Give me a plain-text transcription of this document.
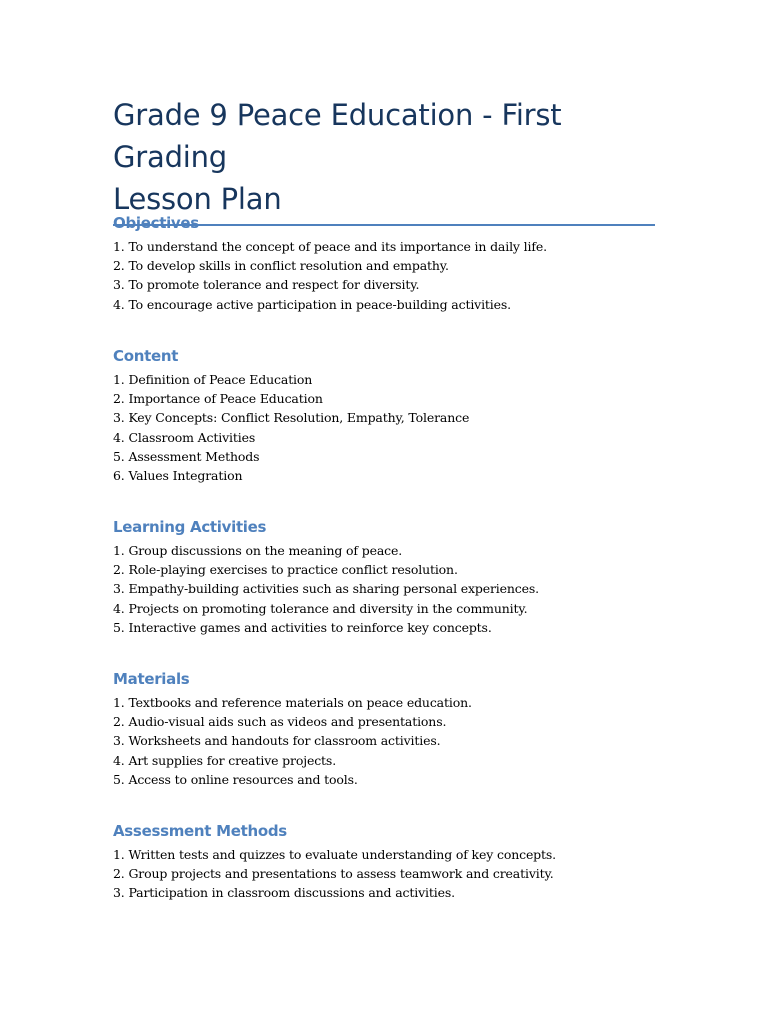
Grade 9 Peace Education - First Grading
Lesson Plan
Objectives
1. To understand the concept of peace and its importance in daily life.
2. To develop skills in conflict resolution and empathy.
3. To promote tolerance and respect for diversity.
4. To encourage active participation in peace-building activities.
Content
1. Definition of Peace Education
2. Importance of Peace Education
3. Key Concepts: Conflict Resolution, Empathy, Tolerance
4. Classroom Activities
5. Assessment Methods
6. Values Integration
Learning Activities
1. Group discussions on the meaning of peace.
2. Role-playing exercises to practice conflict resolution.
3. Empathy-building activities such as sharing personal experiences.
4. Projects on promoting tolerance and diversity in the community.
5. Interactive games and activities to reinforce key concepts.
Materials
1. Textbooks and reference materials on peace education.
2. Audio-visual aids such as videos and presentations.
3. Worksheets and handouts for classroom activities.
4. Art supplies for creative projects.
5. Access to online resources and tools.
Assessment Methods
1. Written tests and quizzes to evaluate understanding of key concepts.
2. Group projects and presentations to assess teamwork and creativity.
3. Participation in classroom discussions and activities.
